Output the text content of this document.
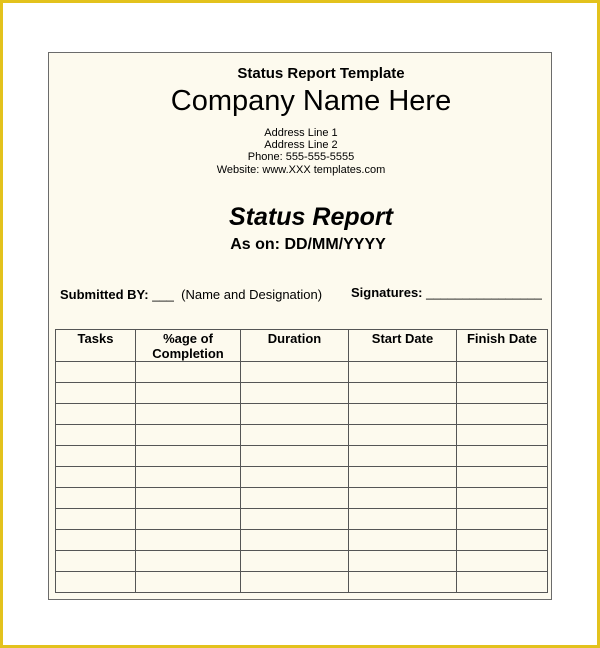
Status Report Template
Company Name Here
Address Line 1
Address Line 2
Phone: 555-555-5555
Website: www.XXX templates.com
Status Report
As on: DD/MM/YYYY
Submitted BY: ___ (Name and Designation) Signatures: ________________
Tasks	%age of Completion	Duration	Start Date	Finish Date
